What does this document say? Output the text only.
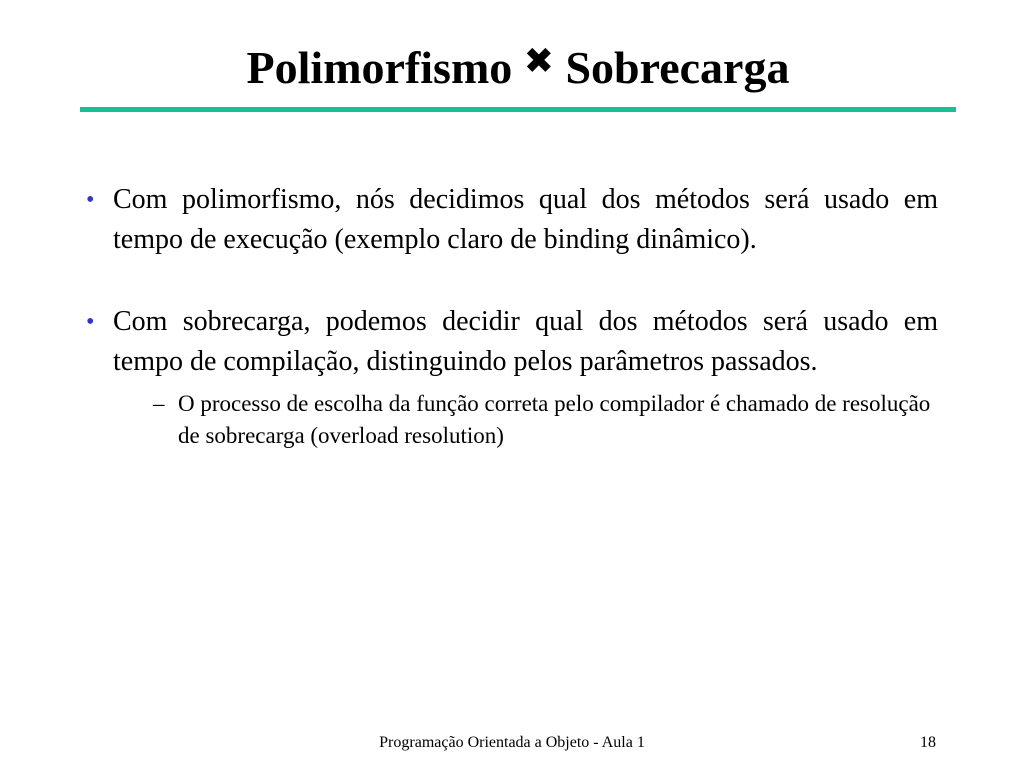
Polimorfismo ✖ Sobrecarga
• Com polimorfismo, nós decidimos qual dos métodos será usado em tempo de execução (exemplo claro de binding dinâmico).
• Com sobrecarga, podemos decidir qual dos métodos será usado em tempo de compilação, distinguindo pelos parâmetros passados.
– O processo de escolha da função correta pelo compilador é chamado de resolução de sobrecarga (overload resolution)
Programação Orientada a Objeto - Aula 1	18
